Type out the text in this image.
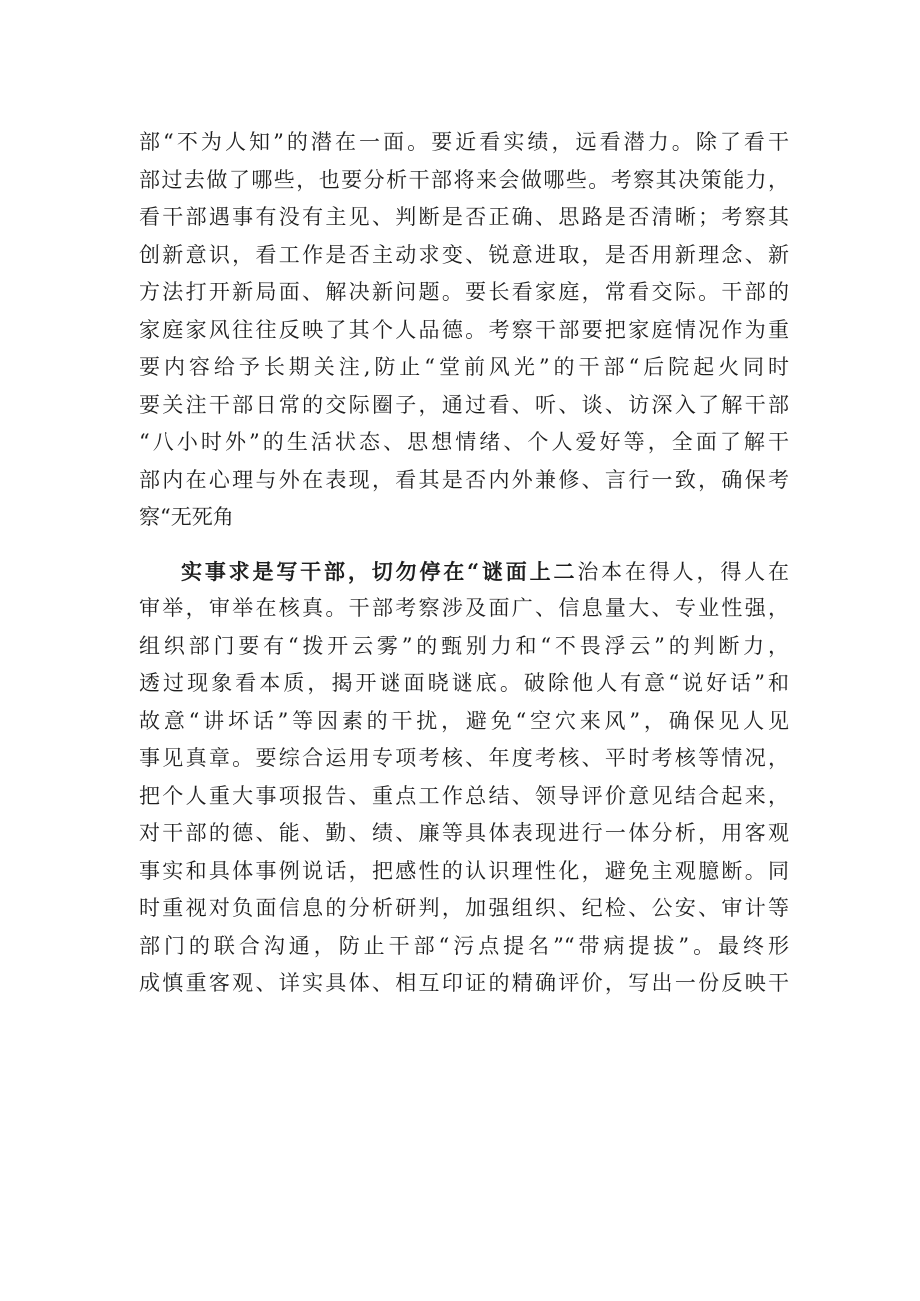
部“不为人知”的潜在一面。要近看实绩，远看潜力。除了看干
部过去做了哪些，也要分析干部将来会做哪些。考察其决策能力，
看干部遇事有没有主见、判断是否正确、思路是否清晰；考察其
创新意识，看工作是否主动求变、锐意进取，是否用新理念、新
方法打开新局面、解决新问题。要长看家庭，常看交际。干部的
家庭家风往往反映了其个人品德。考察干部要把家庭情况作为重
要内容给予长期关注,防止“堂前风光”的干部“后院起火同时
要关注干部日常的交际圈子，通过看、听、谈、访深入了解干部
“八小时外”的生活状态、思想情绪、个人爱好等，全面了解干
部内在心理与外在表现，看其是否内外兼修、言行一致，确保考
察“无死角
实事求是写干部，切勿停在“谜面上二治本在得人，得人在
审举，审举在核真。干部考察涉及面广、信息量大、专业性强，
组织部门要有“拨开云雾”的甄别力和“不畏浮云”的判断力，
透过现象看本质，揭开谜面晓谜底。破除他人有意“说好话”和
故意“讲坏话”等因素的干扰，避免“空穴来风”，确保见人见
事见真章。要综合运用专项考核、年度考核、平时考核等情况，
把个人重大事项报告、重点工作总结、领导评价意见结合起来，
对干部的德、能、勤、绩、廉等具体表现进行一体分析，用客观
事实和具体事例说话，把感性的认识理性化，避免主观臆断。同
时重视对负面信息的分析研判，加强组织、纪检、公安、审计等
部门的联合沟通，防止干部“污点提名”“带病提拔”。最终形
成慎重客观、详实具体、相互印证的精确评价，写出一份反映干
